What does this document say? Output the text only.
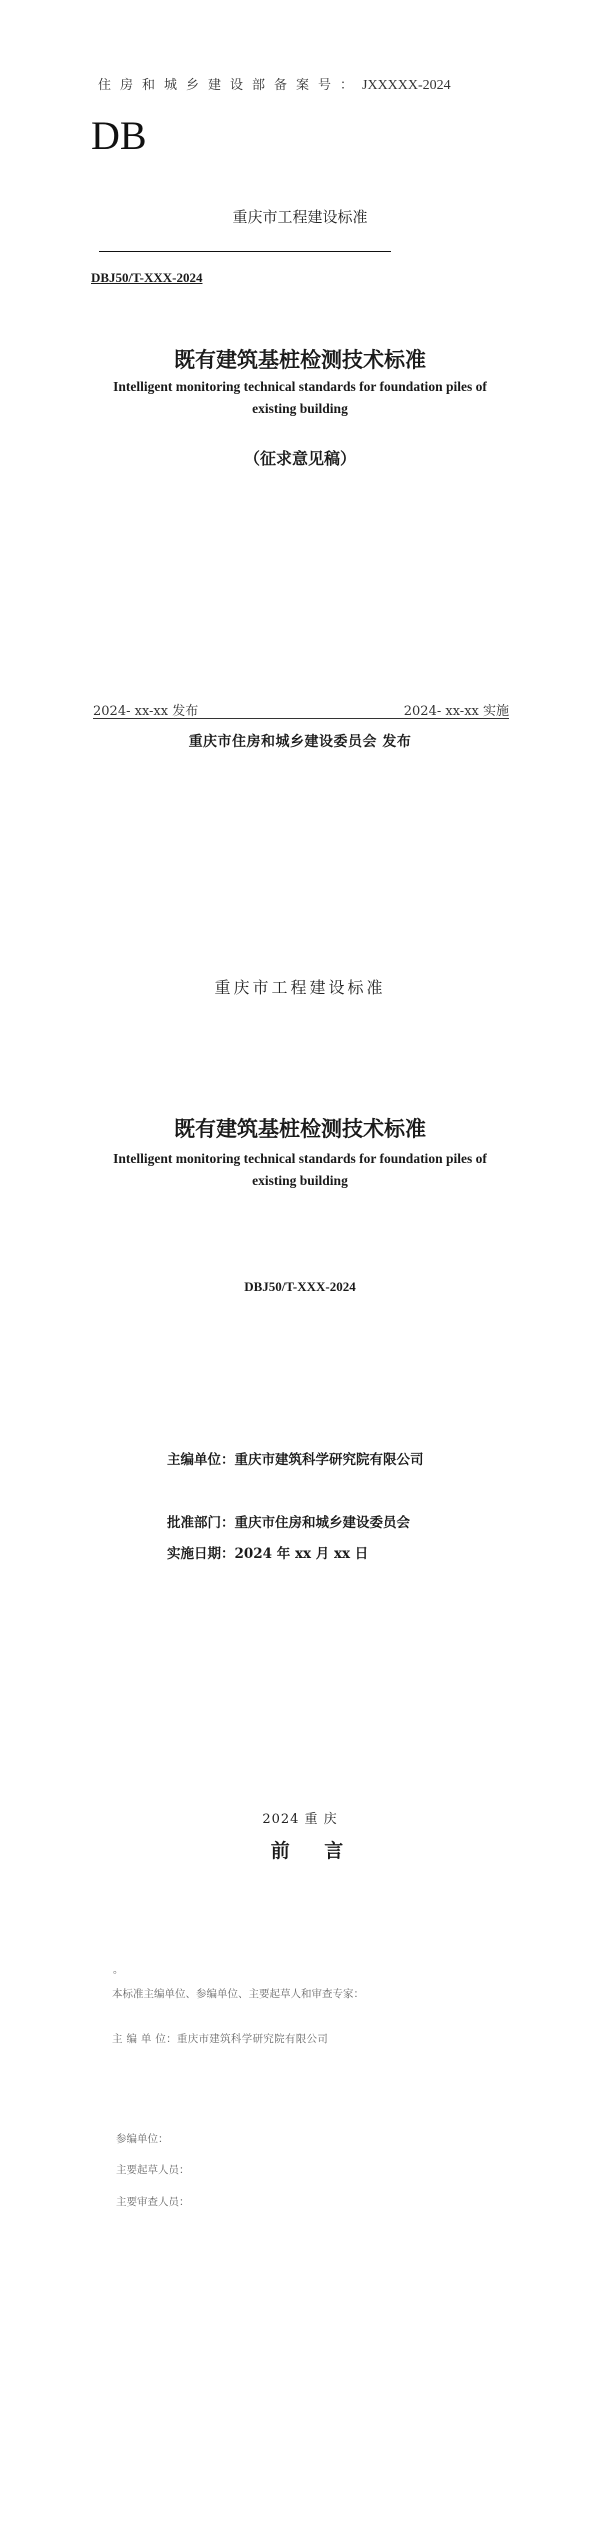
住房和城乡建设部备案号：JXXXXX-2024
DB
重庆市工程建设标准
DBJ50/T-XXX-2024
既有建筑基桩检测技术标准
Intelligent monitoring technical standards for foundation piles of
existing building
（征求意见稿）
2024- xx-xx 发布	2024- xx-xx 实施
重庆市住房和城乡建设委员会 发布
重庆市工程建设标准
既有建筑基桩检测技术标准
Intelligent monitoring technical standards for foundation piles of
existing building
DBJ50/T-XXX-2024
主编单位：重庆市建筑科学研究院有限公司
批准部门：重庆市住房和城乡建设委员会
实施日期：2024 年 xx 月 xx 日
2024 重 庆
前 言
。
本标准主编单位、参编单位、主要起草人和审查专家：
主 编 单 位：重庆市建筑科学研究院有限公司
参编单位：
主要起草人员：
主要审查人员：
